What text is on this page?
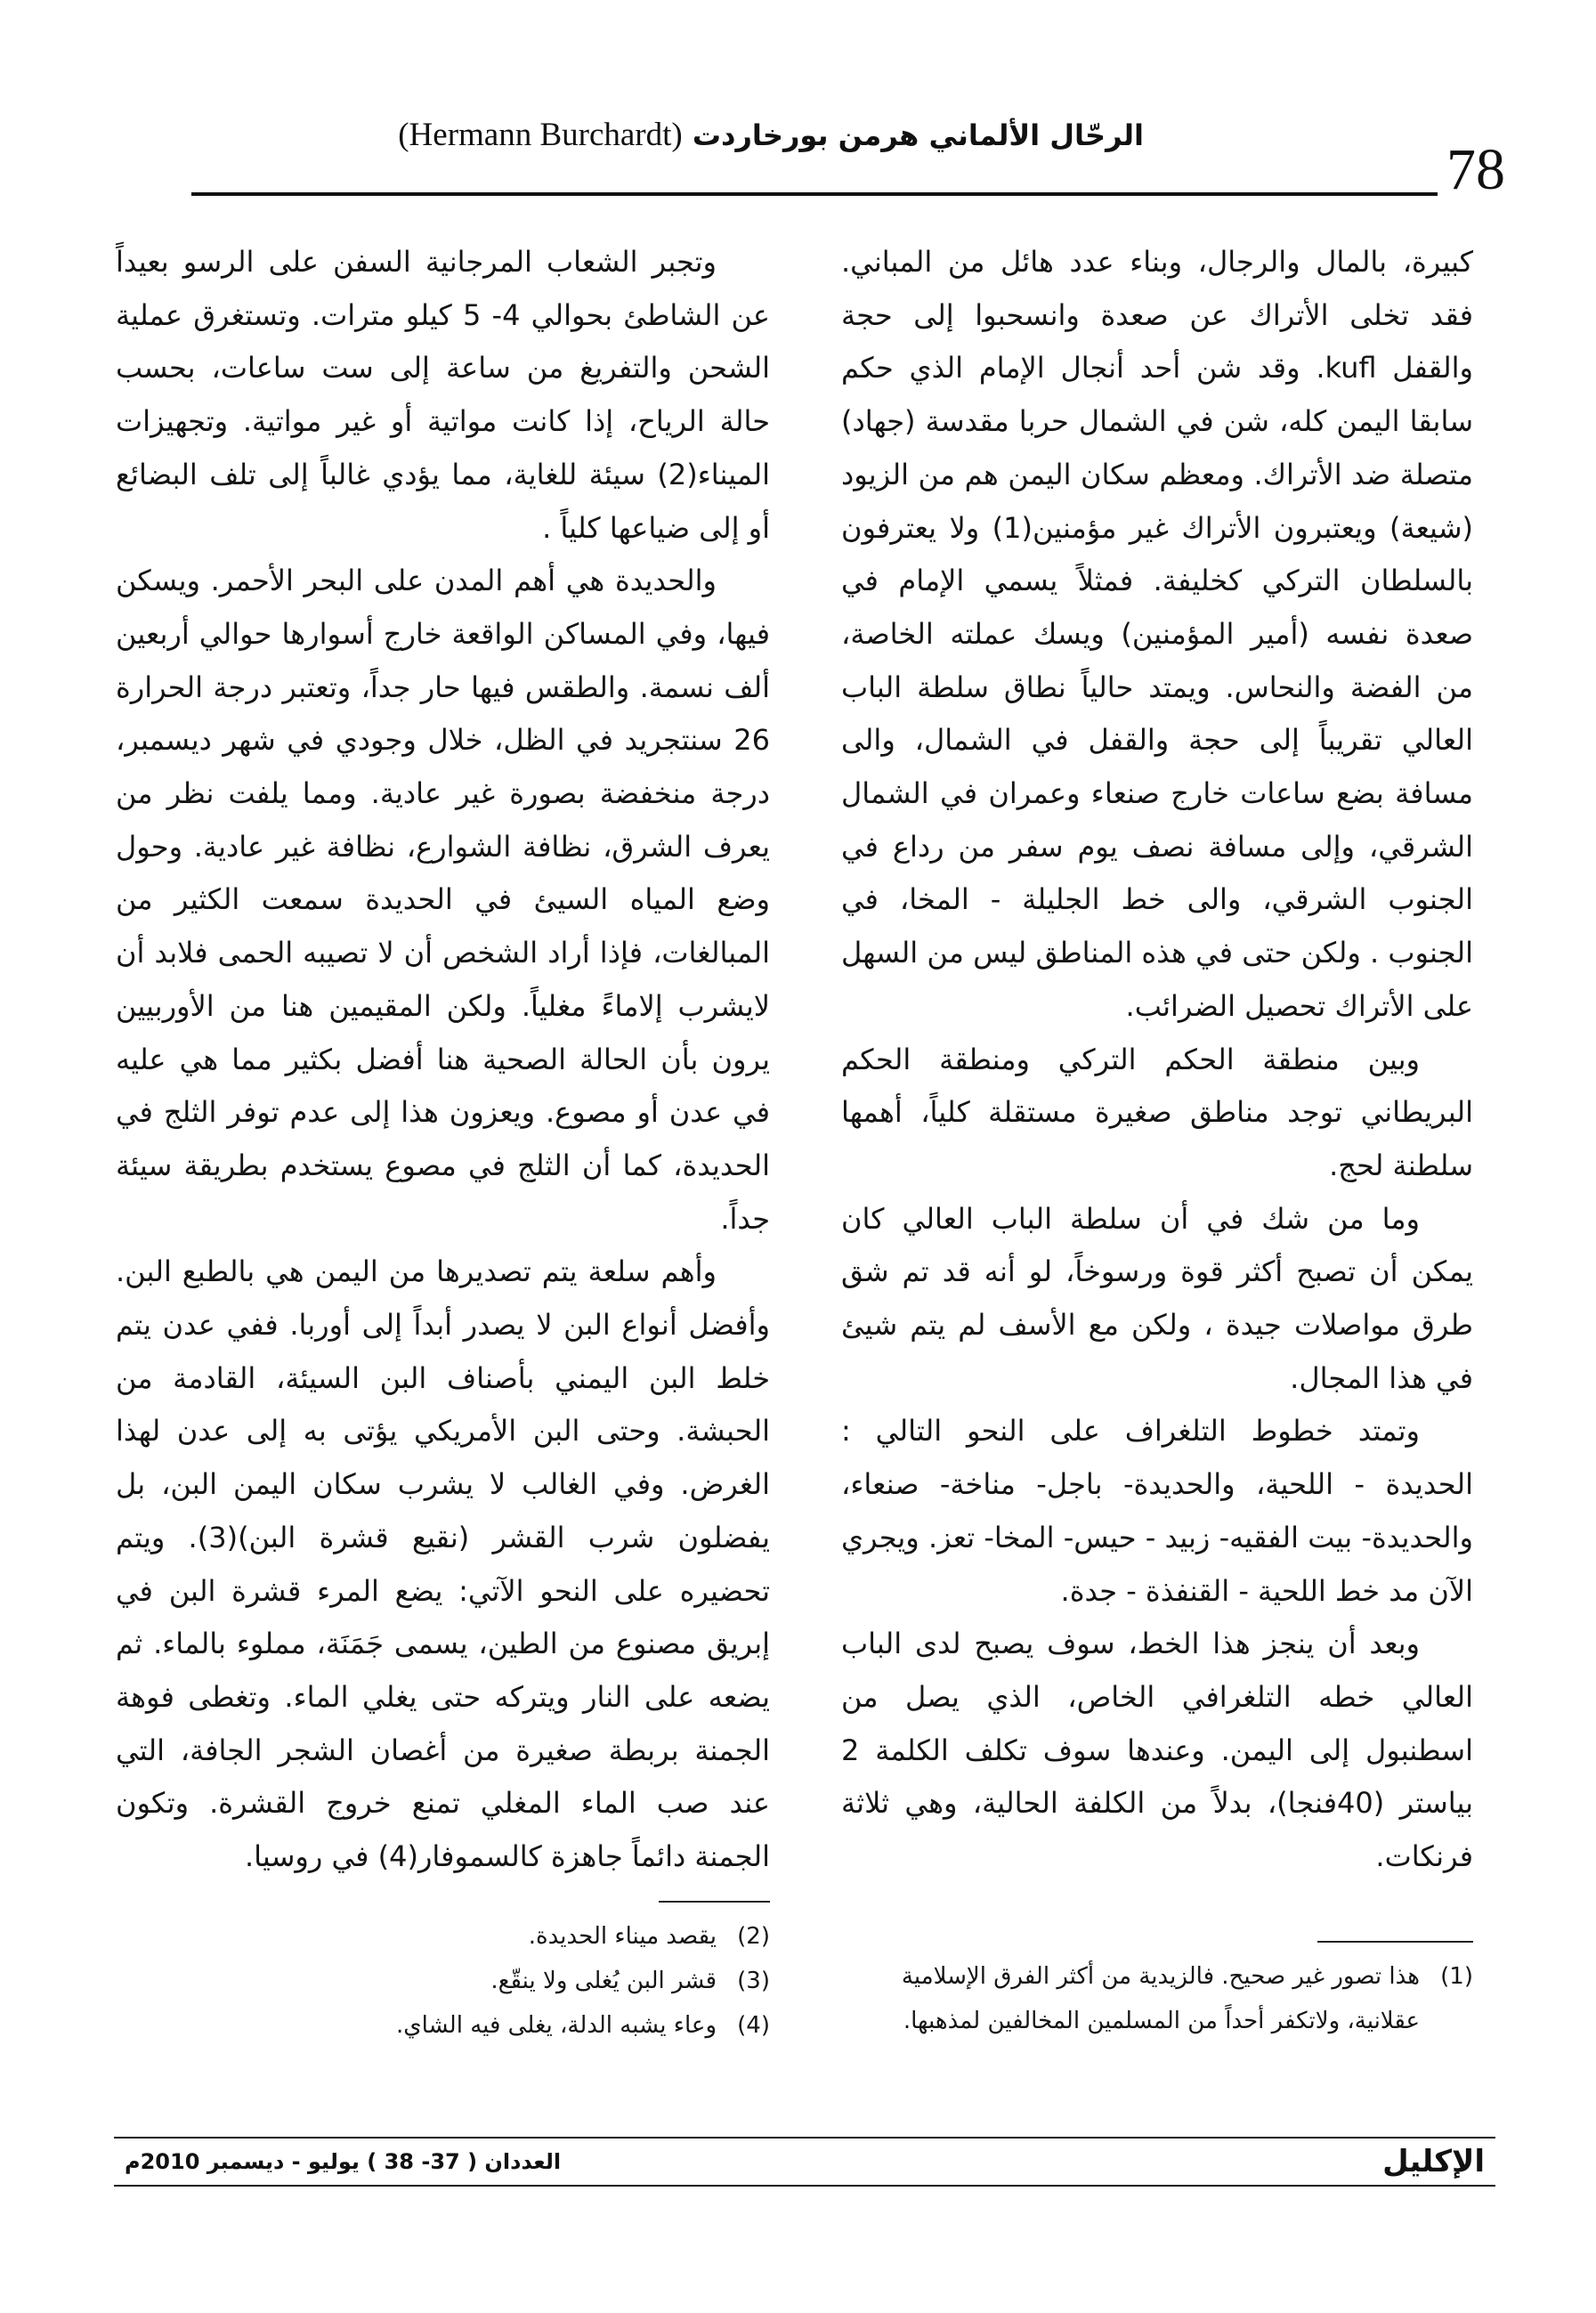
78
الرحّال الألماني هرمن بورخاردت (Hermann Burchardt)

كبيرة، بالمال والرجال، وبناء عدد هائل من المباني. فقد تخلى الأتراك عن صعدة وانسحبوا إلى حجة والقفل kufl. وقد شن أحد أنجال الإمام الذي حكم سابقا اليمن كله، شن في الشمال حربا مقدسة (جهاد) متصلة ضد الأتراك. ومعظم سكان اليمن هم من الزيود (شيعة) ويعتبرون الأتراك غير مؤمنين(1) ولا يعترفون بالسلطان التركي كخليفة. فمثلاً يسمي الإمام في صعدة نفسه (أمير المؤمنين) ويسك عملته الخاصة، من الفضة والنحاس. ويمتد حالياً نطاق سلطة الباب العالي تقريباً إلى حجة والقفل في الشمال، والى مسافة بضع ساعات خارج صنعاء وعمران في الشمال الشرقي، وإلى مسافة نصف يوم سفر من رداع في الجنوب الشرقي، والى خط الجليلة - المخا، في الجنوب . ولكن حتى في هذه المناطق ليس من السهل على الأتراك تحصيل الضرائب.

وبين منطقة الحكم التركي ومنطقة الحكم البريطاني توجد مناطق صغيرة مستقلة كلياً، أهمها سلطنة لحج.

وما من شك في أن سلطة الباب العالي كان يمكن أن تصبح أكثر قوة ورسوخاً، لو أنه قد تم شق طرق مواصلات جيدة ، ولكن مع الأسف لم يتم شيئ في هذا المجال.

وتمتد خطوط التلغراف على النحو التالي : الحديدة - اللحية، والحديدة- باجل- مناخة- صنعاء، والحديدة- بيت الفقيه- زبيد - حيس- المخا- تعز. ويجري الآن مد خط اللحية - القنفذة - جدة.

وبعد أن ينجز هذا الخط، سوف يصبح لدى الباب العالي خطه التلغرافي الخاص، الذي يصل من اسطنبول إلى اليمن. وعندها سوف تكلف الكلمة 2 بياستر (40فنجا)، بدلاً من الكلفة الحالية، وهي ثلاثة فرنكات.

وتجبر الشعاب المرجانية السفن على الرسو بعيداً عن الشاطئ بحوالي 4- 5 كيلو مترات. وتستغرق عملية الشحن والتفريغ من ساعة إلى ست ساعات، بحسب حالة الرياح، إذا كانت مواتية أو غير مواتية. وتجهيزات الميناء(2) سيئة للغاية، مما يؤدي غالباً إلى تلف البضائع أو إلى ضياعها كلياً .

والحديدة هي أهم المدن على البحر الأحمر. ويسكن فيها، وفي المساكن الواقعة خارج أسوارها حوالي أربعين ألف نسمة. والطقس فيها حار جداً، وتعتبر درجة الحرارة 26 سنتجريد في الظل، خلال وجودي في شهر ديسمبر، درجة منخفضة بصورة غير عادية. ومما يلفت نظر من يعرف الشرق، نظافة الشوارع، نظافة غير عادية. وحول وضع المياه السيئ في الحديدة سمعت الكثير من المبالغات، فإذا أراد الشخص أن لا تصيبه الحمى فلابد أن لايشرب إلاماءً مغلياً. ولكن المقيمين هنا من الأوربيين يرون بأن الحالة الصحية هنا أفضل بكثير مما هي عليه في عدن أو مصوع. ويعزون هذا إلى عدم توفر الثلج في الحديدة، كما أن الثلج في مصوع يستخدم بطريقة سيئة جداً.

وأهم سلعة يتم تصديرها من اليمن هي بالطبع البن. وأفضل أنواع البن لا يصدر أبداً إلى أوربا. ففي عدن يتم خلط البن اليمني بأصناف البن السيئة، القادمة من الحبشة. وحتى البن الأمريكي يؤتى به إلى عدن لهذا الغرض. وفي الغالب لا يشرب سكان اليمن البن، بل يفضلون شرب القشر (نقيع قشرة البن)(3). ويتم تحضيره على النحو الآتي: يضع المرء قشرة البن في إبريق مصنوع من الطين، يسمى جَمَنَة، مملوء بالماء. ثم يضعه على النار ويتركه حتى يغلي الماء. وتغطى فوهة الجمنة بربطة صغيرة من أغصان الشجر الجافة، التي عند صب الماء المغلي تمنع خروج القشرة. وتكون الجمنة دائماً جاهزة كالسموفار(4) في روسيا.

(1)
هذا تصور غير صحيح. فالزيدية من أكثر الفرق الإسلامية عقلانية، ولاتكفر أحداً من المسلمين المخالفين لمذهبها.
(2)
يقصد ميناء الحديدة.
(3)
قشر البن يُغلى ولا ينقّع.
(4)
وعاء يشبه الدلة، يغلى فيه الشاي.
الإكليل
العددان ( 37- 38 ) يوليو - ديسمبر 2010م
